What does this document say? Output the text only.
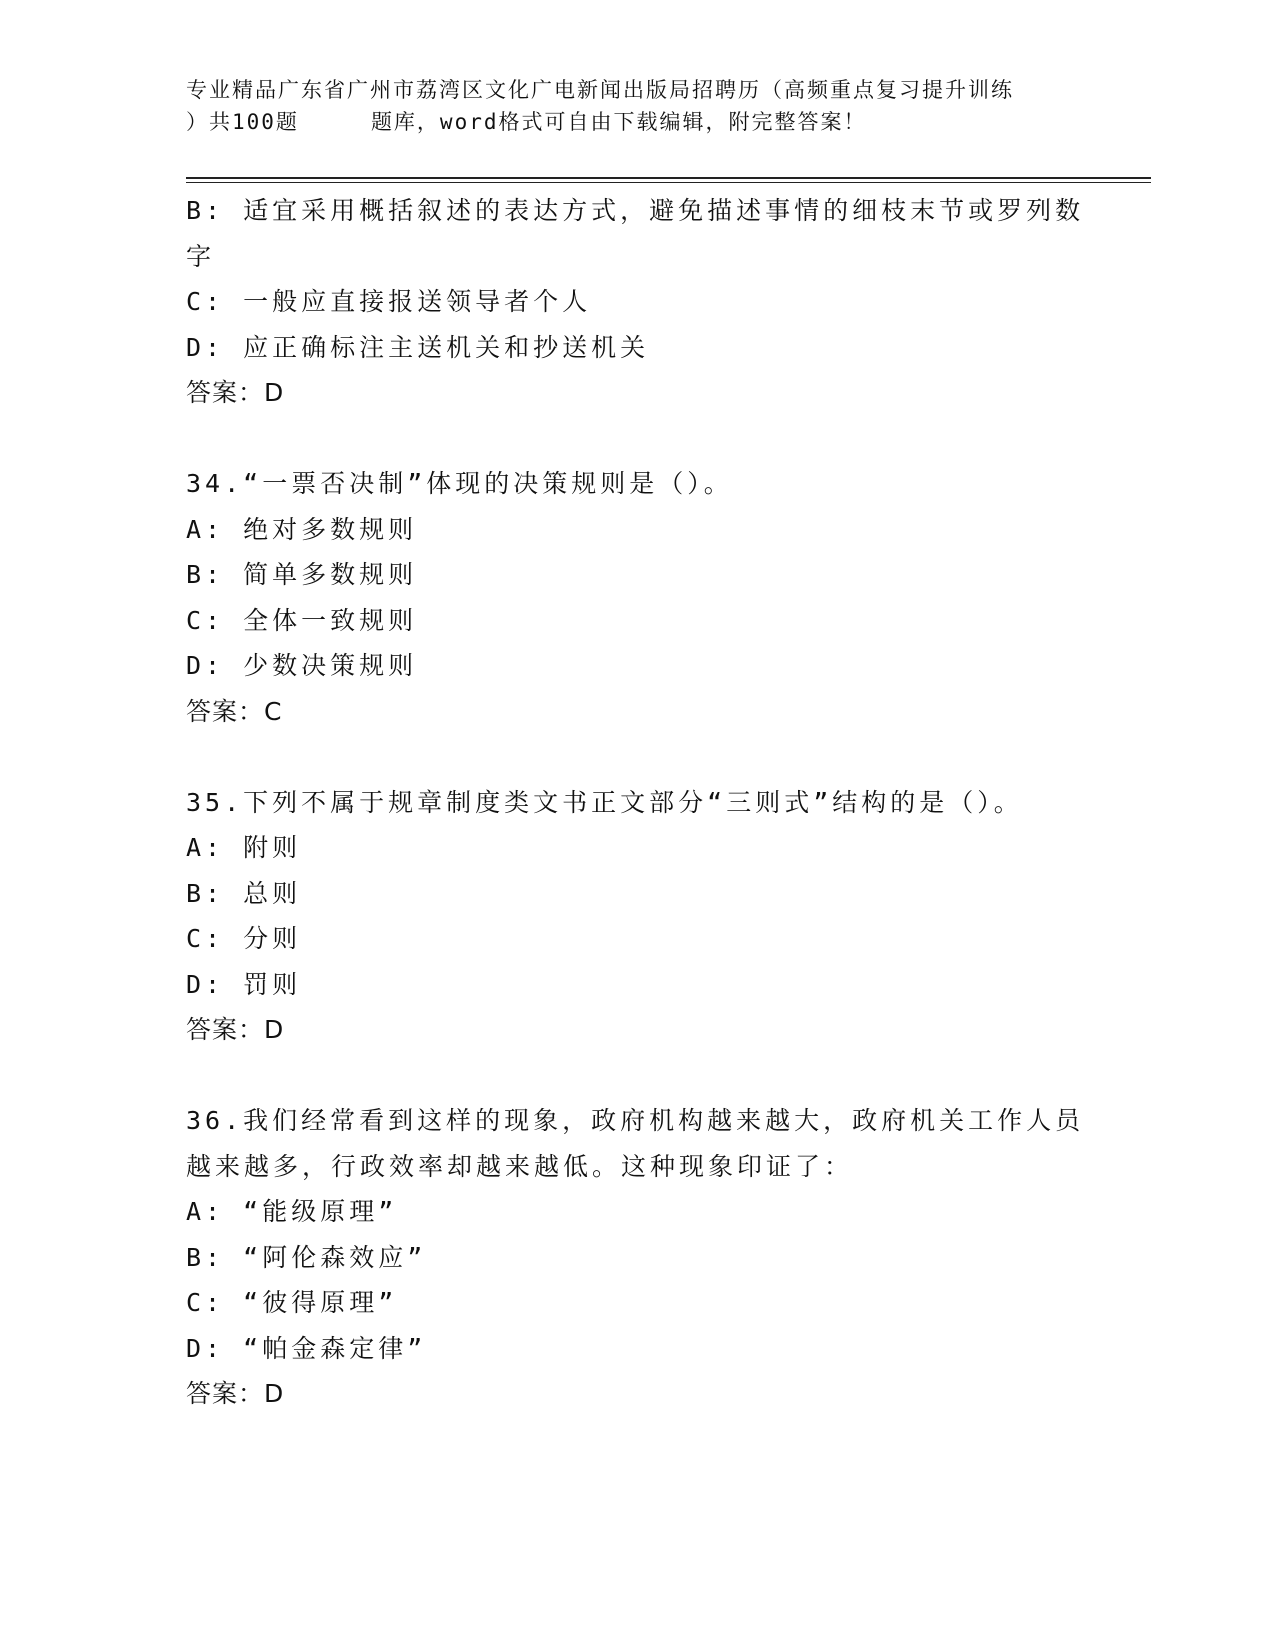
专业精品广东省广州市荔湾区文化广电新闻出版局招聘历（高频重点复习提升训练
）共100题	题库，word格式可自由下载编辑，附完整答案！
B: 适宜采用概括叙述的表达方式，避免描述事情的细枝末节或罗列数
字
C: 一般应直接报送领导者个人
D: 应正确标注主送机关和抄送机关
答案：D
34.“一票否决制”体现的决策规则是（）。
A: 绝对多数规则
B: 简单多数规则
C: 全体一致规则
D: 少数决策规则
答案：C
35.下列不属于规章制度类文书正文部分“三则式”结构的是（）。
A: 附则
B: 总则
C: 分则
D: 罚则
答案：D
36.我们经常看到这样的现象，政府机构越来越大，政府机关工作人员
越来越多，行政效率却越来越低。这种现象印证了：
A: “能级原理”
B: “阿伦森效应”
C: “彼得原理”
D: “帕金森定律”
答案：D
